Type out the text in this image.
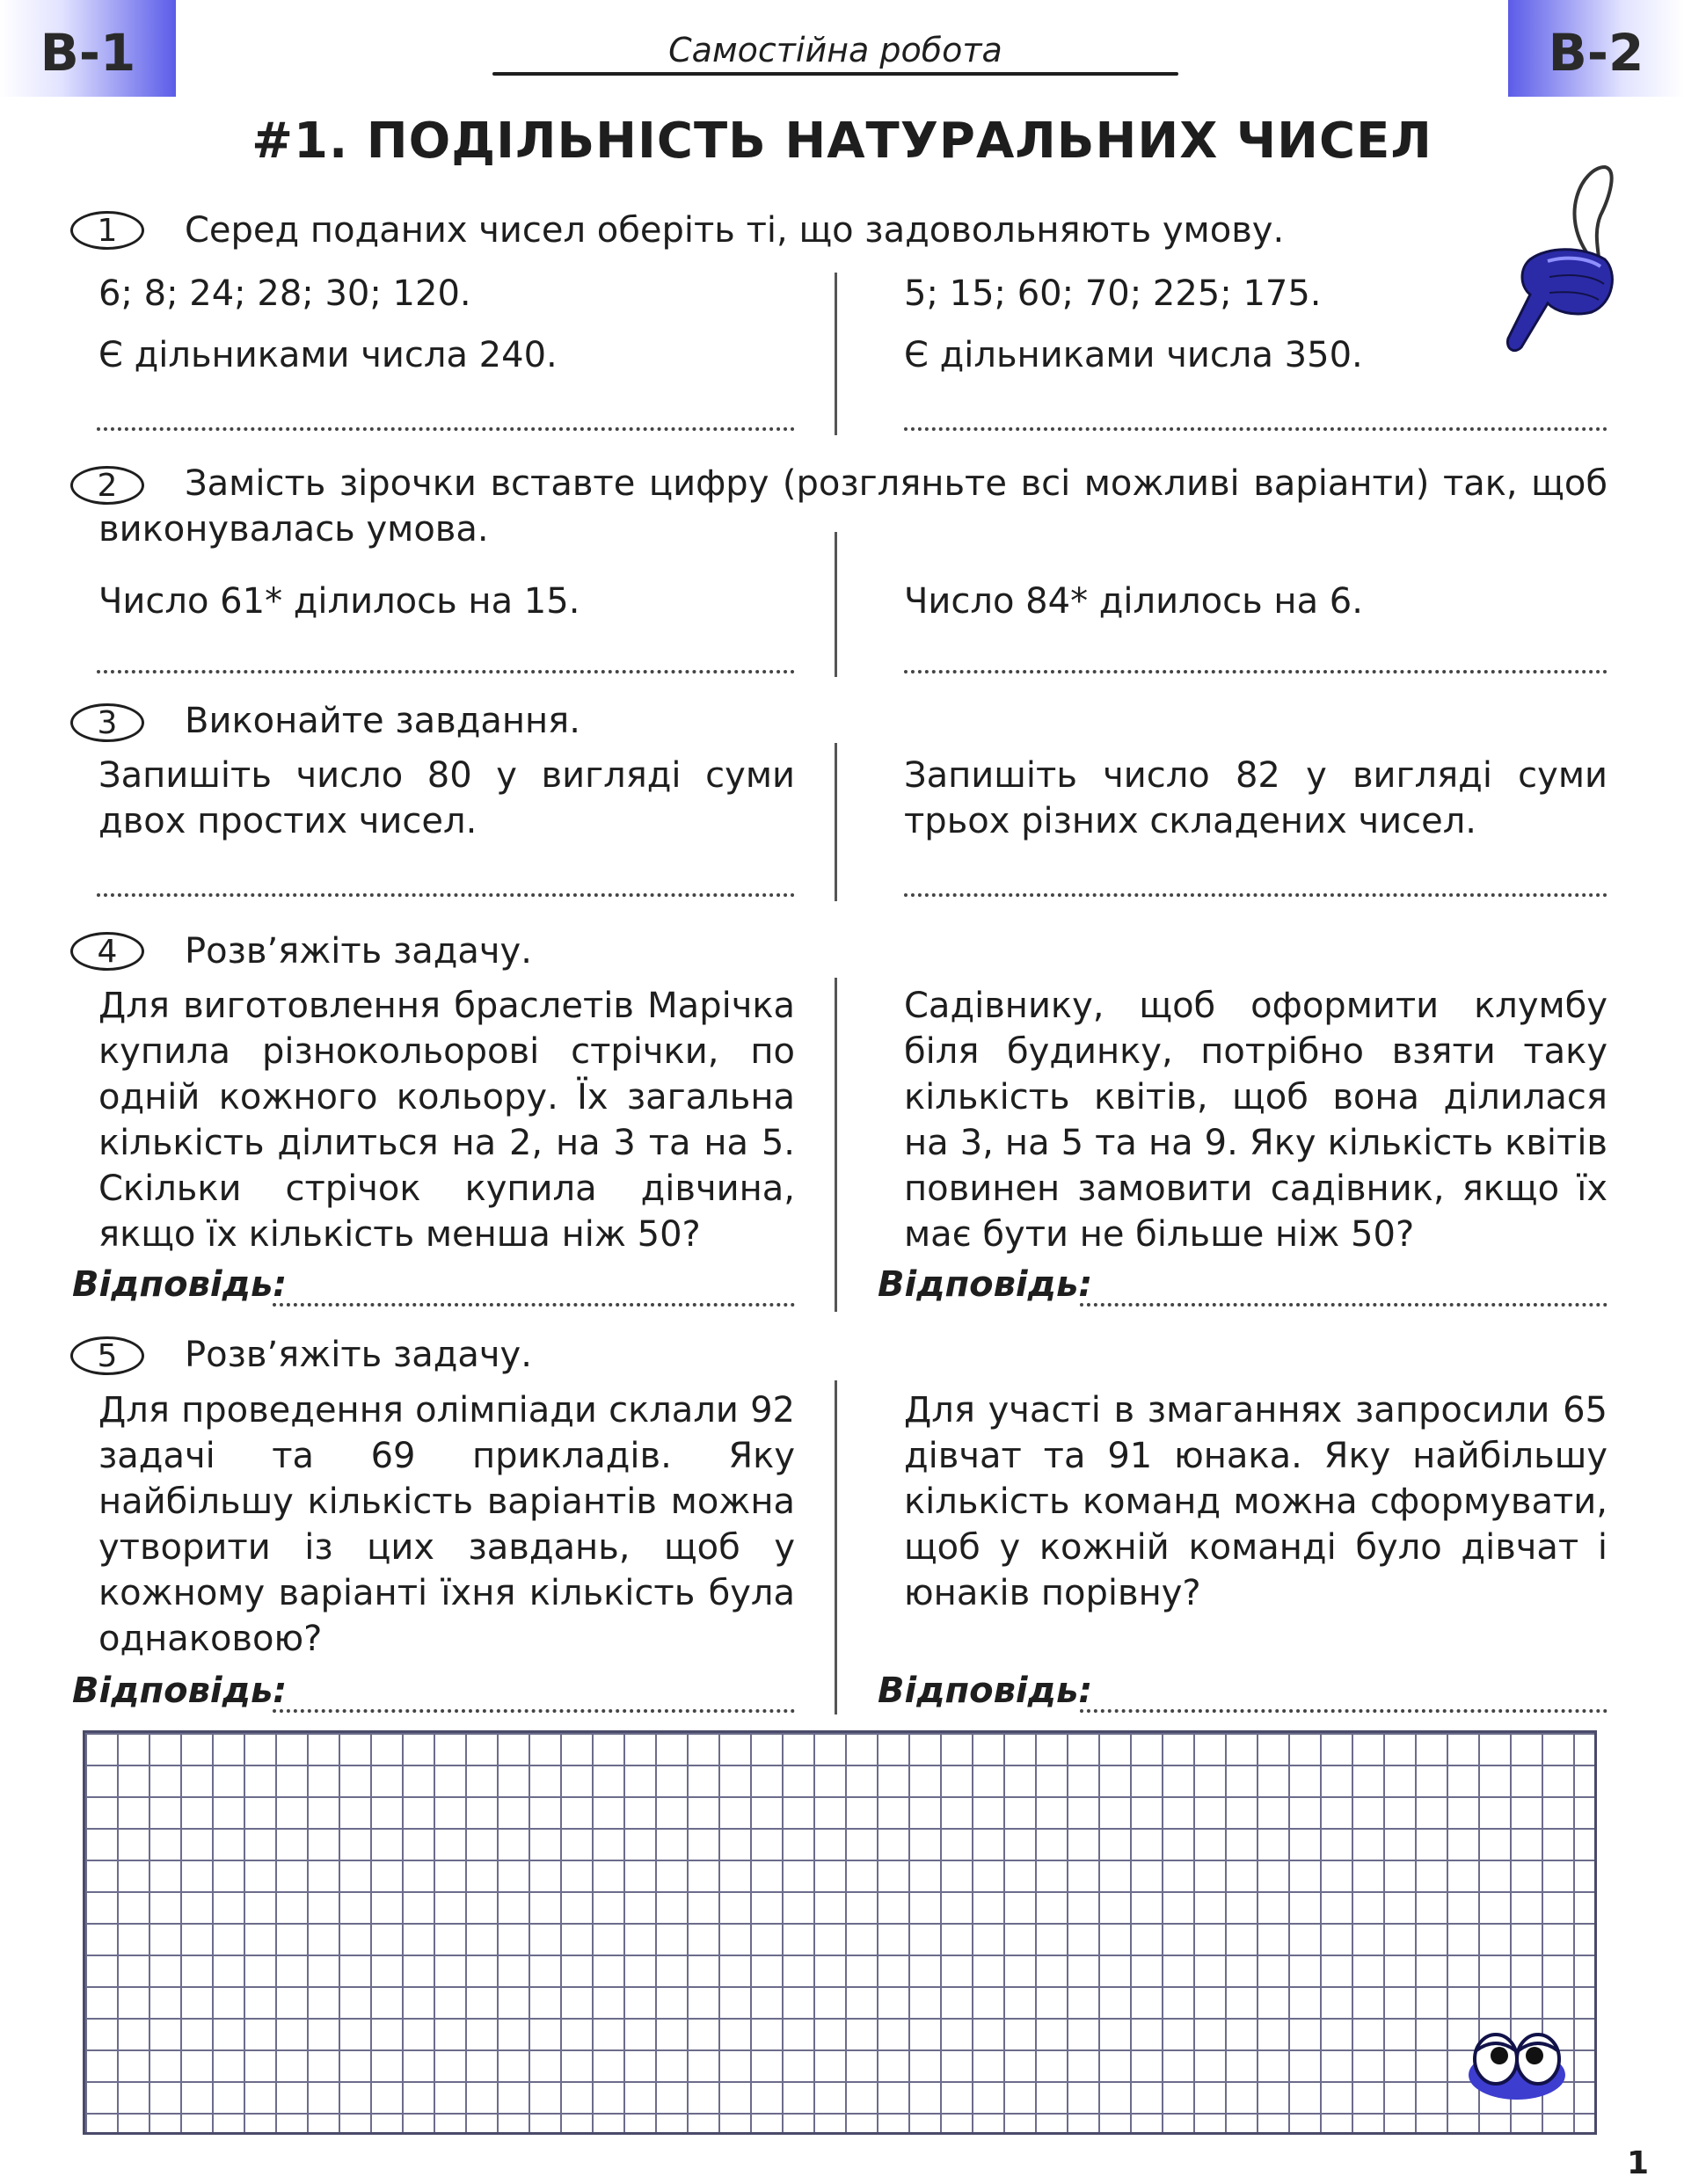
В-1	В-2
Самостійна робота
#1. ПОДІЛЬНІСТЬ НАТУРАЛЬНИХ ЧИСЕЛ
1	Серед поданих чисел оберіть ті, що задовольняють умову.
6; 8; 24; 28; 30; 120.
Є дільниками числа 240.
5; 15; 60; 70; 225; 175.
Є дільниками числа 350.
2	Замість зірочки вставте цифру (розгляньте всі можливі варіанти) так, щоб виконувалась умова.
Число 61* ділилось на 15.	Число 84* ділилось на 6.
3	Виконайте завдання.
Запишіть число 80 у вигляді суми двох простих чисел.
Запишіть число 82 у вигляді суми трьох різних складених чисел.
4	Розв’яжіть задачу.
Для виготовлення браслетів Марічка купила різнокольорові стрічки, по одній кожного кольору. Їх загальна кількість ділиться на 2, на 3 та на 5. Скільки стрічок купила дівчина, якщо їх кількість менша ніж 50?
Садівнику, щоб оформити клумбу біля будинку, потрібно взяти таку кількість квітів, щоб вона ділилася на 3, на 5 та на 9. Яку кількість квітів повинен замовити садівник, якщо їх має бути не більше ніж 50?
Відповідь:	Відповідь:
5	Розв’яжіть задачу.
Для проведення олімпіади склали 92 задачі та 69 прикладів. Яку найбільшу кількість варіантів можна утворити із цих завдань, щоб у кожному варіанті їхня кількість була однаковою?
Для участі в змаганнях запросили 65 дівчат та 91 юнака. Яку найбільшу кількість команд можна сформувати, щоб у кожній команді було дівчат і юнаків порівну?
Відповідь:	Відповідь:
1
